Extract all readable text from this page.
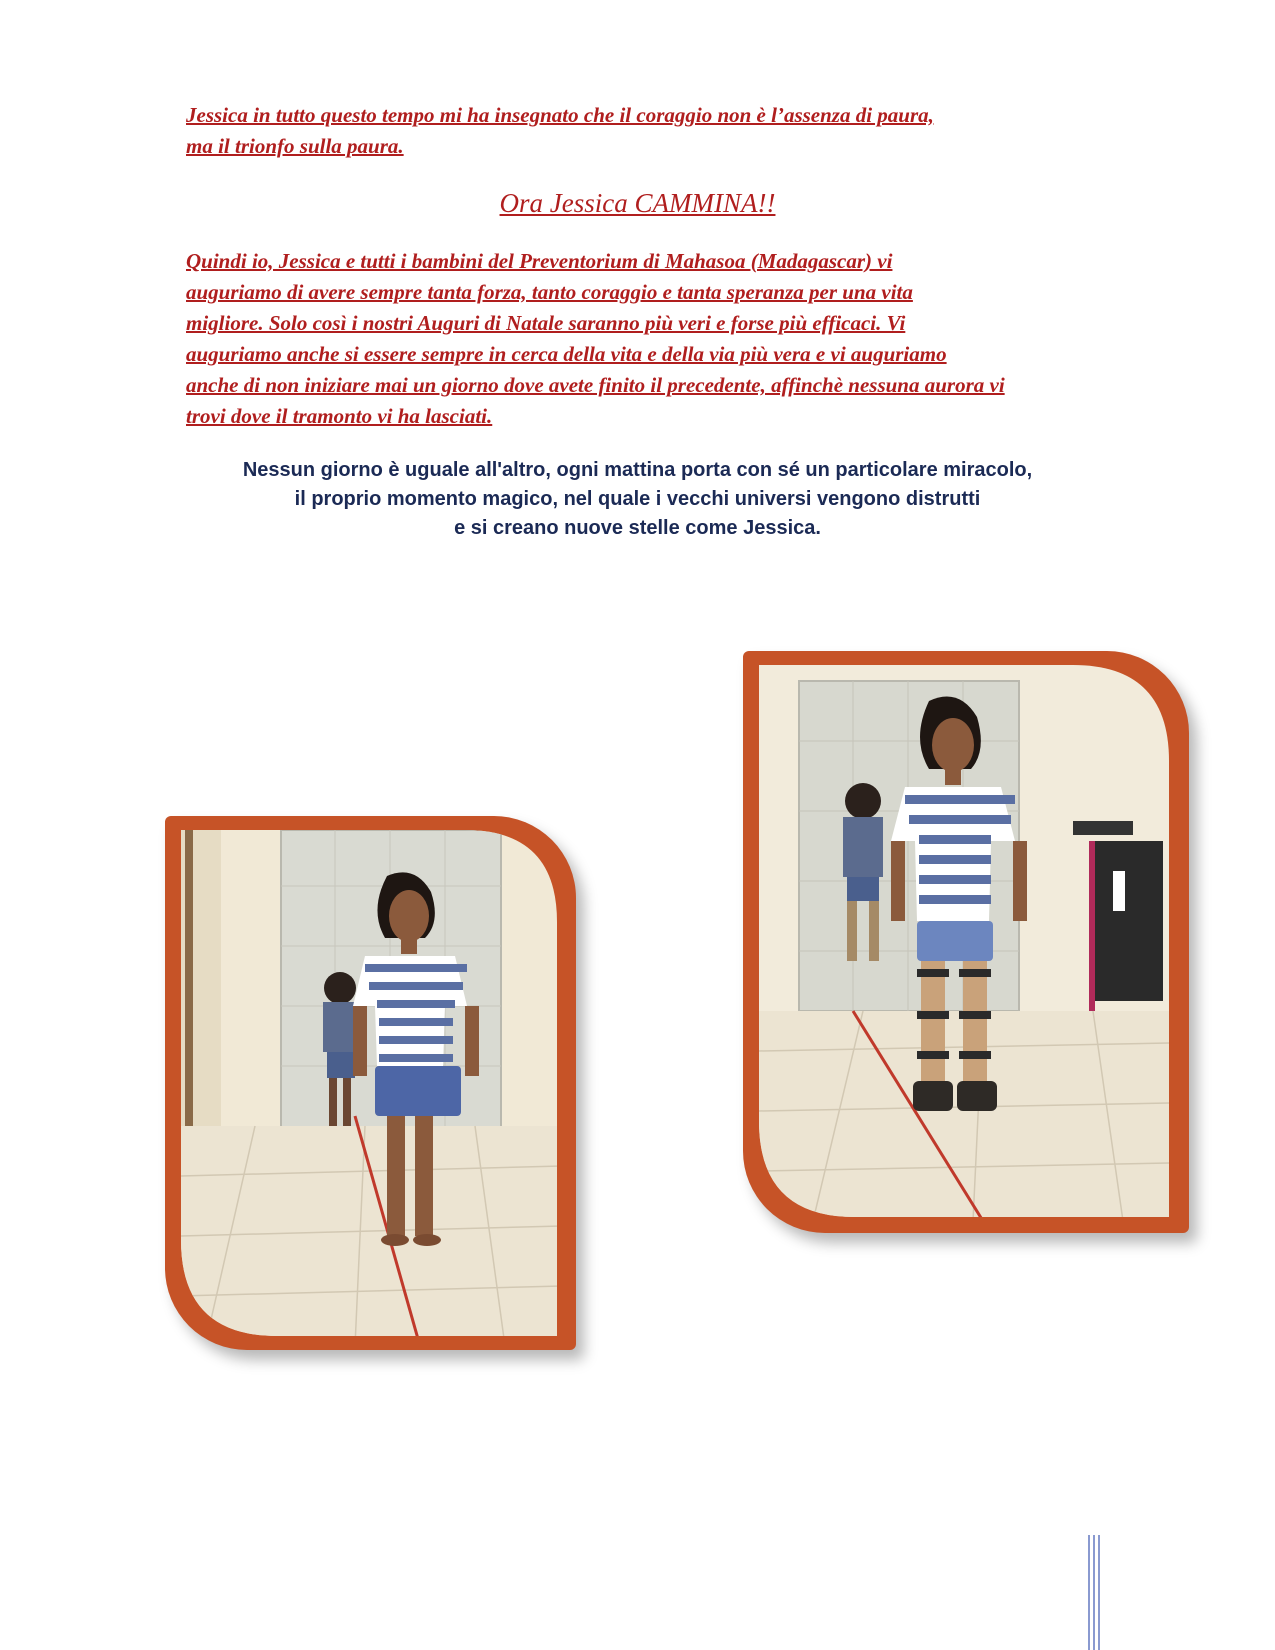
Jessica in tutto questo tempo mi ha insegnato che il coraggio non è l’assenza di paura,
ma il trionfo sulla paura.

Ora Jessica CAMMINA!!

Quindi io, Jessica e tutti i bambini del Preventorium di Mahasoa (Madagascar) vi
auguriamo di avere sempre tanta forza, tanto coraggio e tanta speranza per una vita
migliore. Solo così i nostri Auguri di Natale saranno più veri e forse più efficaci. Vi
auguriamo anche si essere sempre in cerca della vita e della via più vera e vi auguriamo
anche di non iniziare mai un giorno dove avete finito il precedente, affinchè nessuna aurora vi
trovi dove il tramonto vi ha lasciati.

Nessun giorno è uguale all'altro, ogni mattina porta con sé un particolare miracolo,
il proprio momento magico, nel quale i vecchi universi vengono distrutti
e si creano nuove stelle come Jessica.
